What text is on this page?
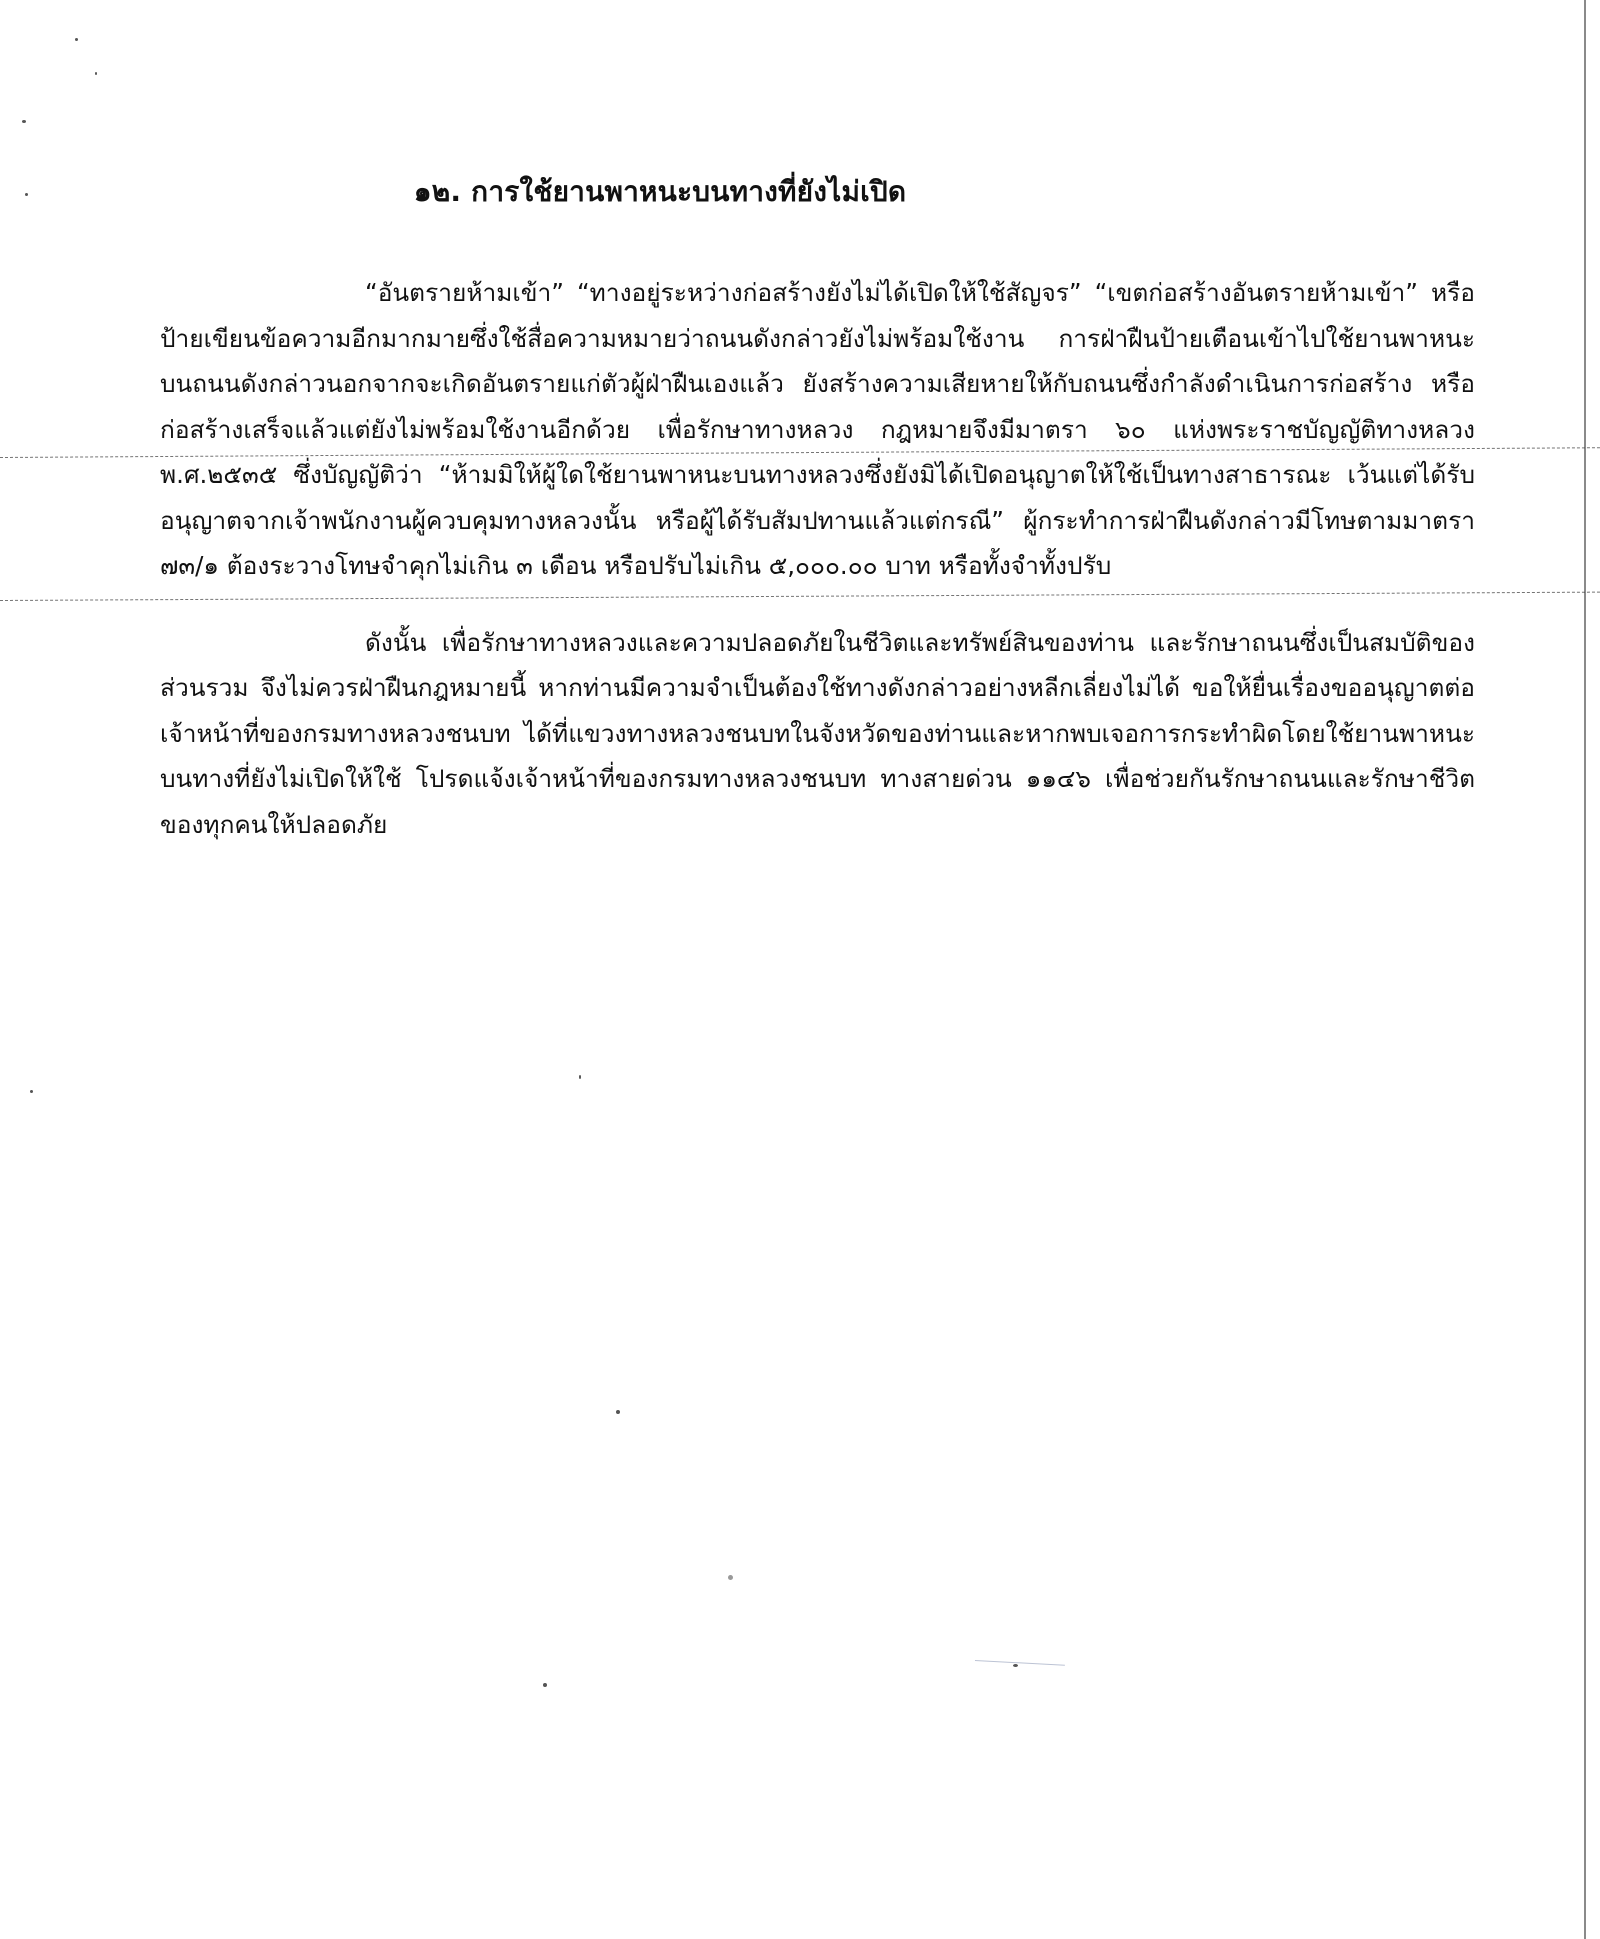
๑๒. การใช้ยานพาหนะบนทางที่ยังไม่เปิด

“อันตรายห้ามเข้า” “ทางอยู่ระหว่างก่อสร้างยังไม่ได้เปิดให้ใช้สัญจร” “เขตก่อสร้างอันตรายห้ามเข้า” หรือป้ายเขียนข้อความอีกมากมายซึ่งใช้สื่อความหมายว่าถนนดังกล่าวยังไม่พร้อมใช้งาน การฝ่าฝืนป้ายเตือนเข้าไปใช้ยานพาหนะบนถนนดังกล่าวนอกจากจะเกิดอันตรายแก่ตัวผู้ฝ่าฝืนเองแล้ว ยังสร้างความเสียหายให้กับถนนซึ่งกำลังดำเนินการก่อสร้าง หรือก่อสร้างเสร็จแล้วแต่ยังไม่พร้อมใช้งานอีกด้วย เพื่อรักษาทางหลวง กฎหมายจึงมีมาตรา ๖๐ แห่งพระราชบัญญัติทางหลวง พ.ศ.๒๕๓๕ ซึ่งบัญญัติว่า “ห้ามมิให้ผู้ใดใช้ยานพาหนะบนทางหลวงซึ่งยังมิได้เปิดอนุญาตให้ใช้เป็นทางสาธารณะ เว้นแต่ได้รับอนุญาตจากเจ้าพนักงานผู้ควบคุมทางหลวงนั้น หรือผู้ได้รับสัมปทานแล้วแต่กรณี” ผู้กระทำการฝ่าฝืนดังกล่าวมีโทษตามมาตรา ๗๓/๑ ต้องระวางโทษจำคุกไม่เกิน ๓ เดือน หรือปรับไม่เกิน ๕,๐๐๐.๐๐ บาท หรือทั้งจำทั้งปรับ

ดังนั้น เพื่อรักษาทางหลวงและความปลอดภัยในชีวิตและทรัพย์สินของท่าน และรักษาถนนซึ่งเป็นสมบัติของส่วนรวม จึงไม่ควรฝ่าฝืนกฎหมายนี้ หากท่านมีความจำเป็นต้องใช้ทางดังกล่าวอย่างหลีกเลี่ยงไม่ได้ ขอให้ยื่นเรื่องขออนุญาตต่อเจ้าหน้าที่ของกรมทางหลวงชนบท ได้ที่แขวงทางหลวงชนบทในจังหวัดของท่านและหากพบเจอการกระทำผิดโดยใช้ยานพาหนะบนทางที่ยังไม่เปิดให้ใช้ โปรดแจ้งเจ้าหน้าที่ของกรมทางหลวงชนบท ทางสายด่วน ๑๑๔๖ เพื่อช่วยกันรักษาถนนและรักษาชีวิตของทุกคนให้ปลอดภัย
